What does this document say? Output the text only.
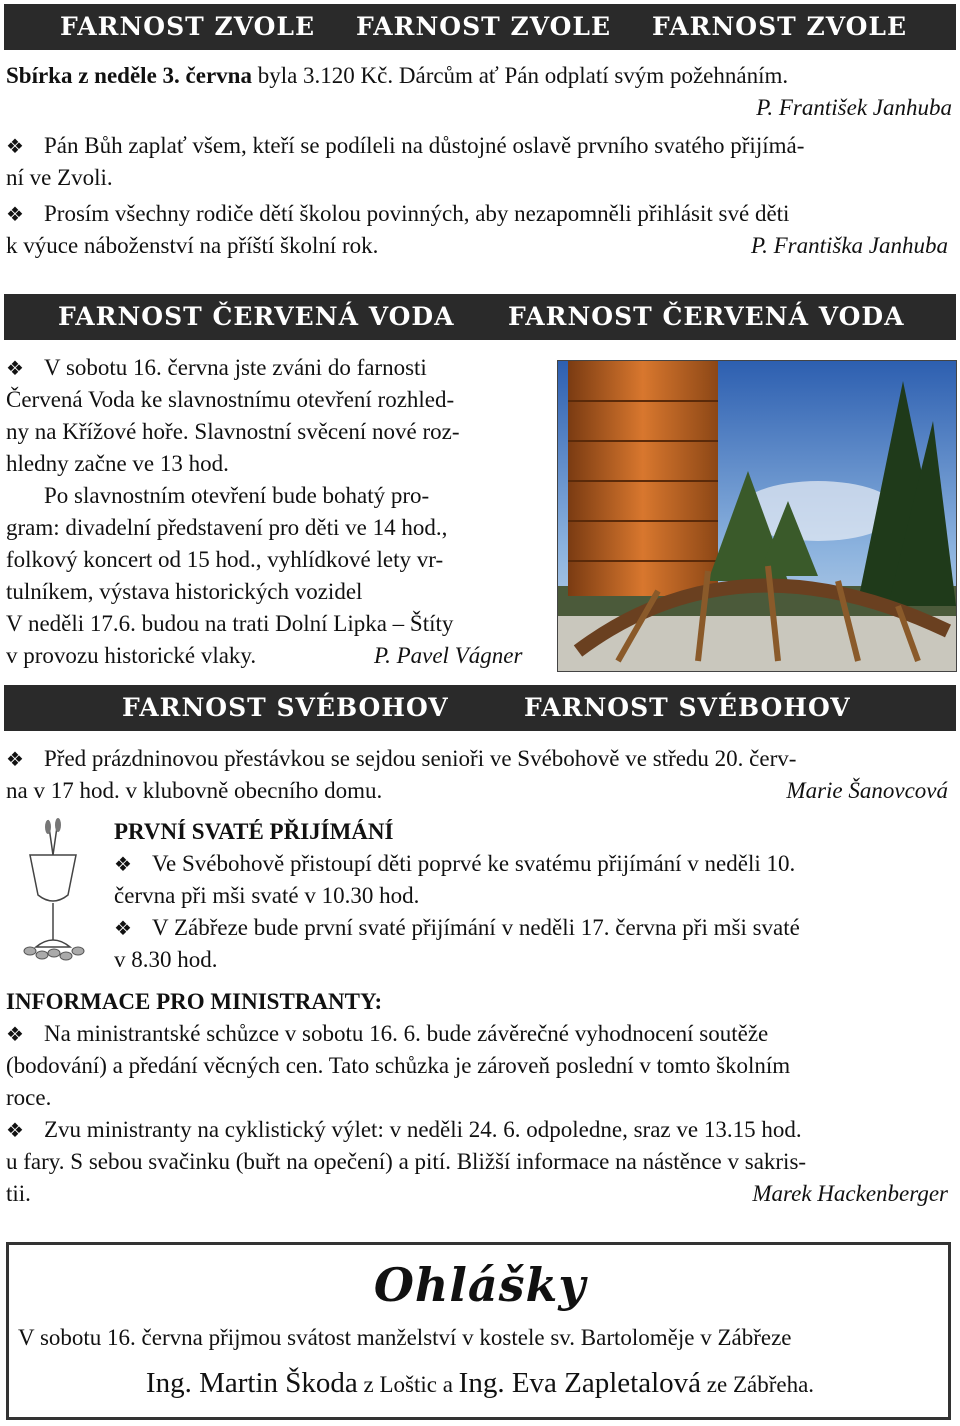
FARNOST ZVOLE FARNOST ZVOLE FARNOST ZVOLE
Sbírka z neděle 3. června byla 3.120 Kč. Dárcům ať Pán odplatí svým požehnáním.
P. František Janhuba
❖ Pán Bůh zaplať všem, kteří se podíleli na důstojné oslavě prvního svatého přijímá-
ní ve Zvoli.
❖ Prosím všechny rodiče dětí školou povinných, aby nezapomněli přihlásit své děti
k výuce náboženství na příští školní rok.	P. Františka Janhuba
FARNOST ČERVENÁ VODA FARNOST ČERVENÁ VODA
❖ V sobotu 16. června jste zváni do farnosti
Červená Voda ke slavnostnímu otevření rozhled-
ny na Křížové hoře. Slavnostní svěcení nové roz-
hledny začne ve 13 hod.
Po slavnostním otevření bude bohatý pro-
gram: divadelní představení pro děti ve 14 hod.,
folkový koncert od 15 hod., vyhlídkové lety vr-
tulníkem, výstava historických vozidel
V neděli 17.6. budou na trati Dolní Lipka – Štíty
v provozu historické vlaky.	P. Pavel Vágner
FARNOST SVÉBOHOV	FARNOST SVÉBOHOV
❖ Před prázdninovou přestávkou se sejdou senioři ve Svébohově ve středu 20. červ-
na v 17 hod. v klubovně obecního domu.	Marie Šanovcová
PRVNÍ SVATÉ PŘIJÍMÁNÍ
❖ Ve Svébohově přistoupí děti poprvé ke svatému přijímání v neděli 10.
června při mši svaté v 10.30 hod.
❖ V Zábřeze bude první svaté přijímání v neděli 17. června při mši svaté
v 8.30 hod.
INFORMACE PRO MINISTRANTY:
❖ Na ministrantské schůzce v sobotu 16. 6. bude závěrečné vyhodnocení soutěže
(bodování) a předání věcných cen. Tato schůzka je zároveň poslední v tomto školním
roce.
❖ Zvu ministranty na cyklistický výlet: v neděli 24. 6. odpoledne, sraz ve 13.15 hod.
u fary. S sebou svačinku (buřt na opečení) a pití. Bližší informace na nástěnce v sakris-
tii.	Marek Hackenberger
Ohlášky
V sobotu 16. června přijmou svátost manželství v kostele sv. Bartoloměje v Zábřeze
Ing. Martin Škoda z Loštic a Ing. Eva Zapletalová ze Zábřeha.
